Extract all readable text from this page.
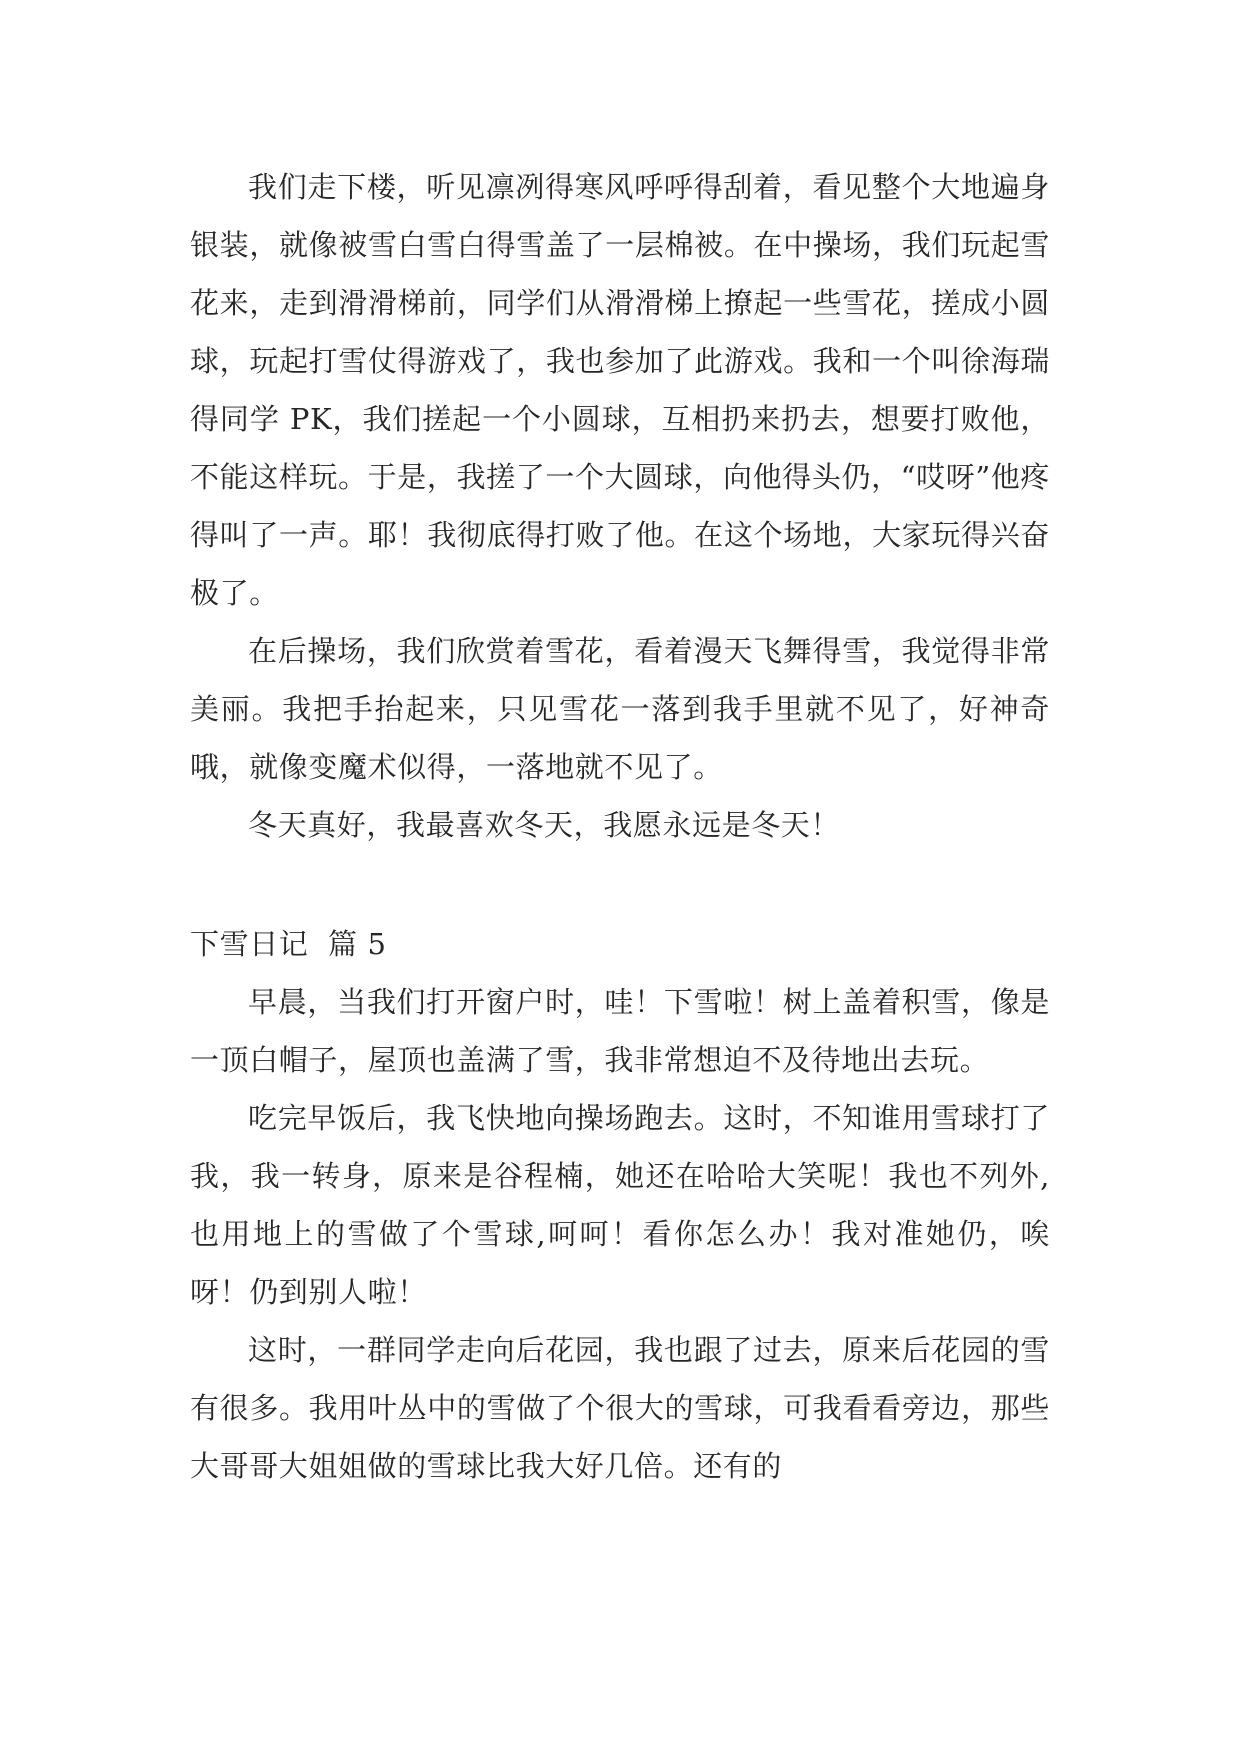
我们走下楼，听见凛冽得寒风呼呼得刮着，看见整个大地遍身银装，就像被雪白雪白得雪盖了一层棉被。在中操场，我们玩起雪花来，走到滑滑梯前，同学们从滑滑梯上撩起一些雪花，搓成小圆球，玩起打雪仗得游戏了，我也参加了此游戏。我和一个叫徐海瑞得同学 PK，我们搓起一个小圆球，互相扔来扔去，想要打败他，不能这样玩。于是，我搓了一个大圆球，向他得头仍，“哎呀”他疼得叫了一声。耶！我彻底得打败了他。在这个场地，大家玩得兴奋极了。

在后操场，我们欣赏着雪花，看着漫天飞舞得雪，我觉得非常美丽。我把手抬起来，只见雪花一落到我手里就不见了，好神奇哦，就像变魔术似得，一落地就不见了。

冬天真好，我最喜欢冬天，我愿永远是冬天！

下雪日记  篇 5

早晨，当我们打开窗户时，哇！下雪啦！树上盖着积雪，像是一顶白帽子，屋顶也盖满了雪，我非常想迫不及待地出去玩。

吃完早饭后，我飞快地向操场跑去。这时，不知谁用雪球打了我，我一转身，原来是谷程楠，她还在哈哈大笑呢！我也不列外,也用地上的雪做了个雪球,呵呵！看你怎么办！我对准她仍，唉呀！仍到别人啦！

这时，一群同学走向后花园，我也跟了过去，原来后花园的雪有很多。我用叶丛中的雪做了个很大的雪球，可我看看旁边，那些大哥哥大姐姐做的雪球比我大好几倍。还有的
